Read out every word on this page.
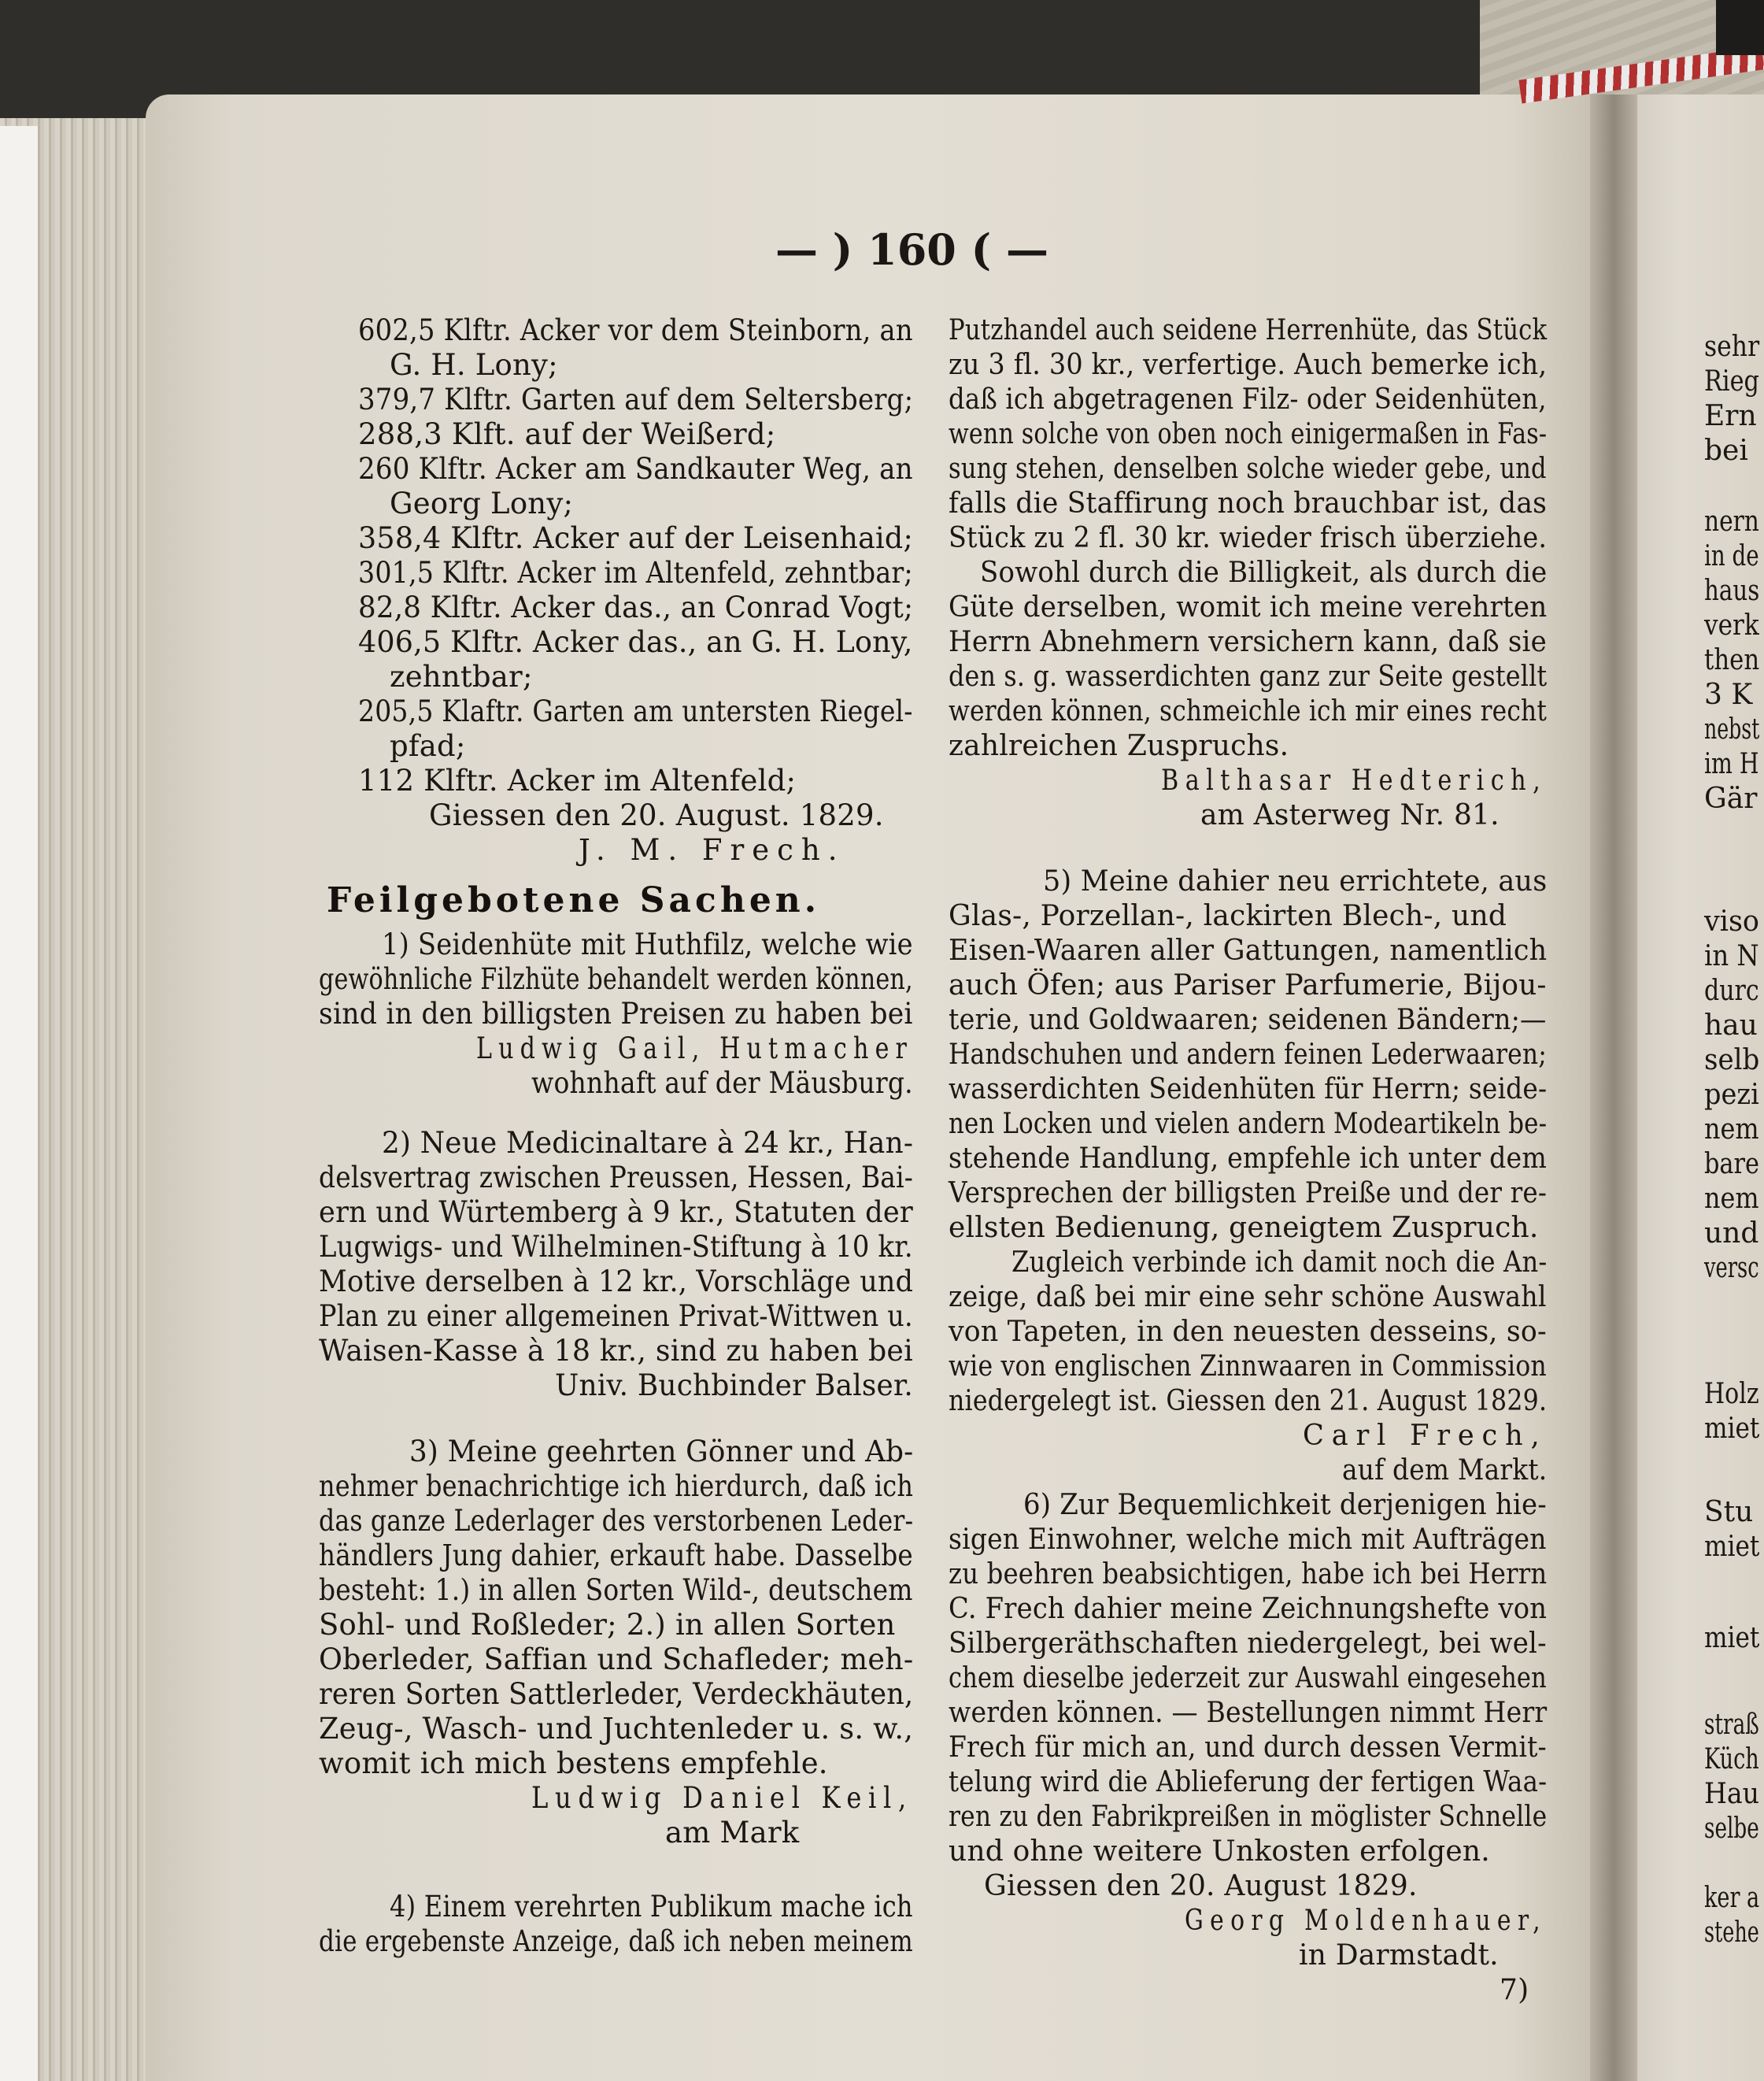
— ) 160 ( —
602,5 Klftr. Acker vor dem Steinborn, an
G. H. Lony;
379,7 Klftr. Garten auf dem Seltersberg;
288,3 Klft. auf der Weißerd;
260 Klftr. Acker am Sandkauter Weg, an
Georg Lony;
358,4 Klftr. Acker auf der Leisenhaid;
301,5 Klftr. Acker im Altenfeld, zehntbar;
82,8 Klftr. Acker das., an Conrad Vogt;
406,5 Klftr. Acker das., an G. H. Lony,
zehntbar;
205,5 Klaftr. Garten am untersten Riegel-
pfad;
112 Klftr. Acker im Altenfeld;
Giessen den 20. August. 1829.
J. M. Frech.
Feilgebotene Sachen.
1) Seidenhüte mit Huthfilz, welche wie
gewöhnliche Filzhüte behandelt werden können,
sind in den billigsten Preisen zu haben bei
Ludwig Gail, Hutmacher
wohnhaft auf der Mäusburg.
2) Neue Medicinaltare à 24 kr., Han-
delsvertrag zwischen Preussen, Hessen, Bai-
ern und Würtemberg à 9 kr., Statuten der
Lugwigs- und Wilhelminen-Stiftung à 10 kr.
Motive derselben à 12 kr., Vorschläge und
Plan zu einer allgemeinen Privat-Wittwen u.
Waisen-Kasse à 18 kr., sind zu haben bei
Univ. Buchbinder Balser.
3) Meine geehrten Gönner und Ab-
nehmer benachrichtige ich hierdurch, daß ich
das ganze Lederlager des verstorbenen Leder-
händlers Jung dahier, erkauft habe. Dasselbe
besteht: 1.) in allen Sorten Wild-, deutschem
Sohl- und Roßleder; 2.) in allen Sorten
Oberleder, Saffian und Schafleder; meh-
reren Sorten Sattlerleder, Verdeckhäuten,
Zeug-, Wasch- und Juchtenleder u. s. w.,
womit ich mich bestens empfehle.
Ludwig Daniel Keil,
am Mark
4) Einem verehrten Publikum mache ich
die ergebenste Anzeige, daß ich neben meinem
Putzhandel auch seidene Herrenhüte, das Stück
zu 3 fl. 30 kr., verfertige. Auch bemerke ich,
daß ich abgetragenen Filz- oder Seidenhüten,
wenn solche von oben noch einigermaßen in Fas-
sung stehen, denselben solche wieder gebe, und
falls die Staffirung noch brauchbar ist, das
Stück zu 2 fl. 30 kr. wieder frisch überziehe.
Sowohl durch die Billigkeit, als durch die
Güte derselben, womit ich meine verehrten
Herrn Abnehmern versichern kann, daß sie
den s. g. wasserdichten ganz zur Seite gestellt
werden können, schmeichle ich mir eines recht
zahlreichen Zuspruchs.
Balthasar Hedterich,
am Asterweg Nr. 81.
5) Meine dahier neu errichtete, aus
Glas-, Porzellan-, lackirten Blech-, und
Eisen-Waaren aller Gattungen, namentlich
auch Öfen; aus Pariser Parfumerie, Bijou-
terie, und Goldwaaren; seidenen Bändern;—
Handschuhen und andern feinen Lederwaaren;
wasserdichten Seidenhüten für Herrn; seide-
nen Locken und vielen andern Modeartikeln be-
stehende Handlung, empfehle ich unter dem
Versprechen der billigsten Preiße und der re-
ellsten Bedienung, geneigtem Zuspruch.
Zugleich verbinde ich damit noch die An-
zeige, daß bei mir eine sehr schöne Auswahl
von Tapeten, in den neuesten desseins, so-
wie von englischen Zinnwaaren in Commission
niedergelegt ist. Giessen den 21. August 1829.
Carl Frech,
auf dem Markt.
6) Zur Bequemlichkeit derjenigen hie-
sigen Einwohner, welche mich mit Aufträgen
zu beehren beabsichtigen, habe ich bei Herrn
C. Frech dahier meine Zeichnungshefte von
Silbergeräthschaften niedergelegt, bei wel-
chem dieselbe jederzeit zur Auswahl eingesehen
werden können. — Bestellungen nimmt Herr
Frech für mich an, und durch dessen Vermit-
telung wird die Ablieferung der fertigen Waa-
ren zu den Fabrikpreißen in möglister Schnelle
und ohne weitere Unkosten erfolgen.
Giessen den 20. August 1829.
Georg Moldenhauer,
in Darmstadt.
7)
sehr
Rieg
Ern
bei
nern
in de
haus
verk
then
3 K
nebst
im H
Gär
viso
in N
durc
hau
selb
pezi
nem
bare
nem
und
versc
Holz
miet
Stu
miet
miet
straß
Küch
Hau
selbe
ker a
stehe
